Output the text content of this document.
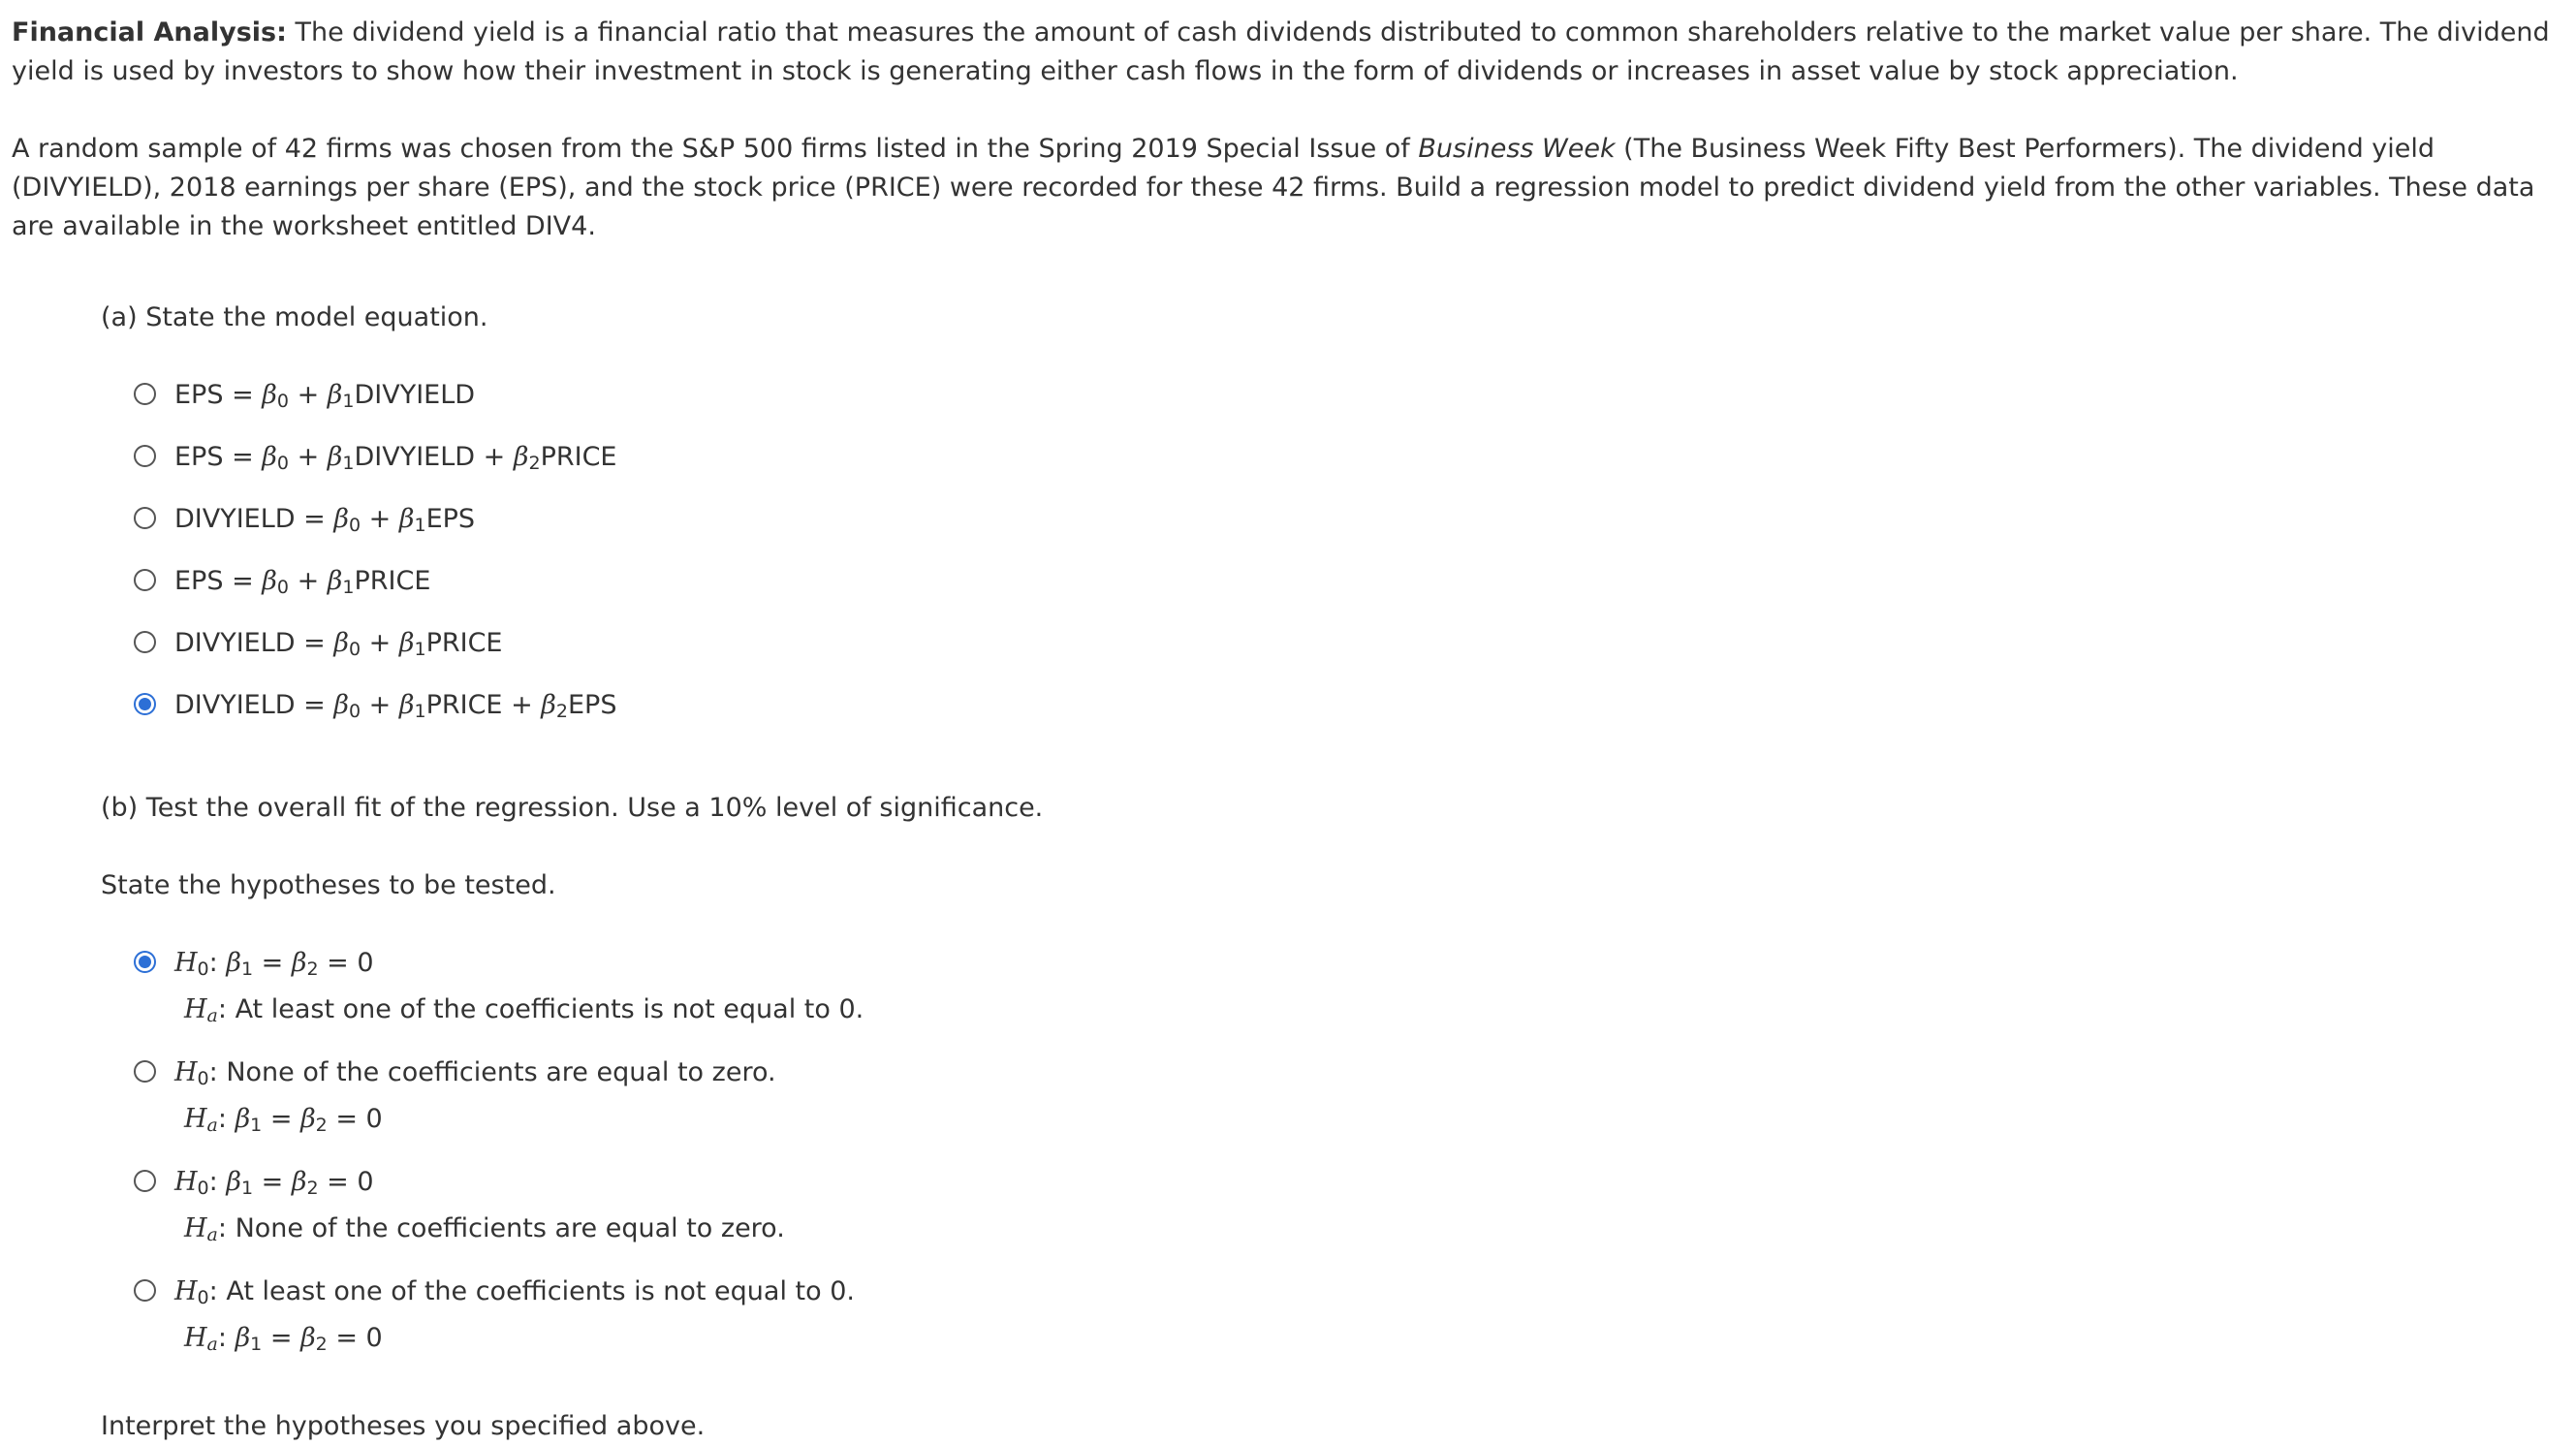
Financial Analysis: The dividend yield is a financial ratio that measures the amount of cash dividends distributed to common shareholders relative to the market value per share. The dividend yield is used by investors to show how their investment in stock is generating either cash flows in the form of dividends or increases in asset value by stock appreciation.

A random sample of 42 firms was chosen from the S&P 500 firms listed in the Spring 2019 Special Issue of Business Week (The Business Week Fifty Best Performers). The dividend yield (DIVYIELD), 2018 earnings per share (EPS), and the stock price (PRICE) were recorded for these 42 firms. Build a regression model to predict dividend yield from the other variables. These data are available in the worksheet entitled DIV4.

(a) State the model equation.
EPS = $\beta_0$ + $\beta_1DIVYIELD$
EPS = $\beta_0$ + $\beta_1DIVYIELD$ + $\beta_2PRICE$
DIVYIELD = $\beta_0 + \beta_1EPS$
EPS = $\beta_0$ + $\beta_1PRICE$
DIVYIELD = $\beta_0$ + $\beta_1PRICE$
DIVYIELD = $\beta_0$ + $\beta_1PRICE + \beta_2EPS$
(b) Test the overall fit of the regression. Use a 10% level of significance.
State the hypotheses to be tested.
$H_0$: $\beta_1 = \beta_2 = 0$
$H_a$: At least one of the coefficients is not equal to 0.
$H_0$: None of the coefficients are equal to zero.
$H_a$: $\beta_1 = \beta_2 = 0$
$H_0$: $\beta_1 = \beta_2 = 0$
$H_a$: None of the coefficients are equal to zero.
$H_0$: At least one of the coefficients is not equal to 0.
$H_a$: $\beta_1 = \beta_2 = 0$
Interpret the hypotheses you specified above.
